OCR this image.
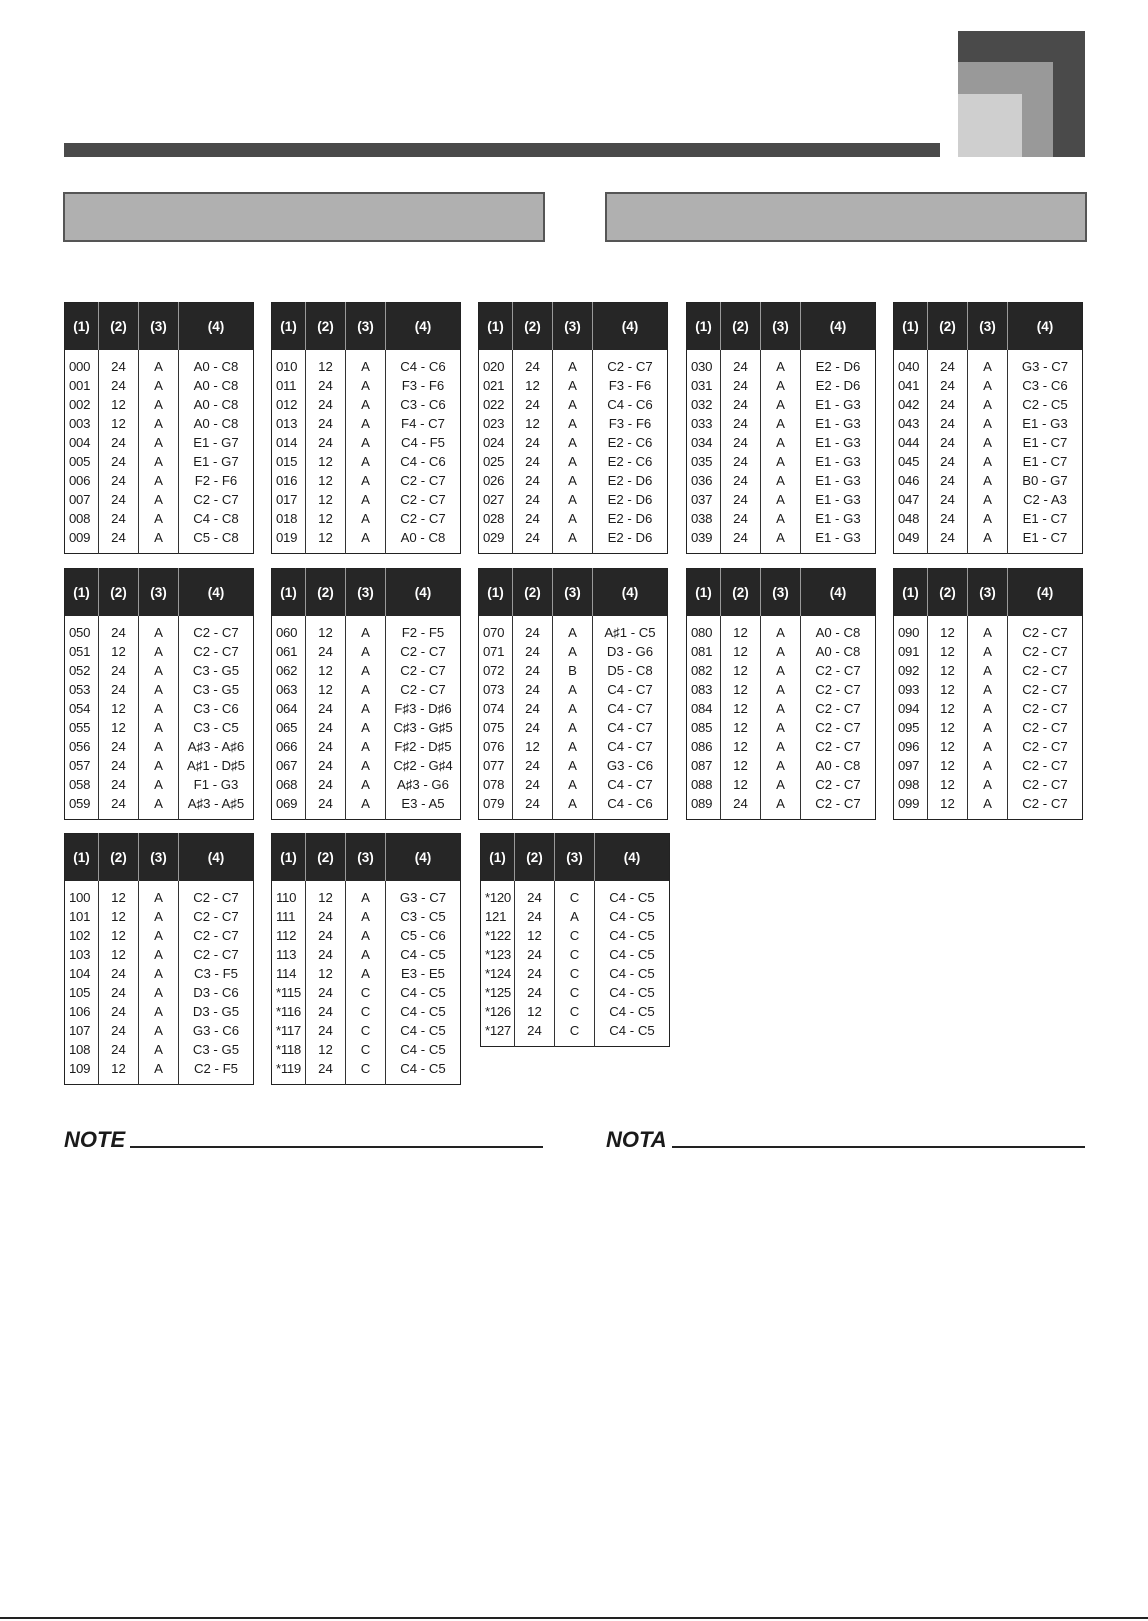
(1)	(2)	(3)	(4)
000	24	A	A0 - C8
001	24	A	A0 - C8
002	12	A	A0 - C8
003	12	A	A0 - C8
004	24	A	E1 - G7
005	24	A	E1 - G7
006	24	A	F2 - F6
007	24	A	C2 - C7
008	24	A	C4 - C8
009	24	A	C5 - C8
(1)	(2)	(3)	(4)
010	12	A	C4 - C6
011	24	A	F3 - F6
012	24	A	C3 - C6
013	24	A	F4 - C7
014	24	A	C4 - F5
015	12	A	C4 - C6
016	12	A	C2 - C7
017	12	A	C2 - C7
018	12	A	C2 - C7
019	12	A	A0 - C8
(1)	(2)	(3)	(4)
020	24	A	C2 - C7
021	12	A	F3 - F6
022	24	A	C4 - C6
023	12	A	F3 - F6
024	24	A	E2 - C6
025	24	A	E2 - C6
026	24	A	E2 - D6
027	24	A	E2 - D6
028	24	A	E2 - D6
029	24	A	E2 - D6
(1)	(2)	(3)	(4)
030	24	A	E2 - D6
031	24	A	E2 - D6
032	24	A	E1 - G3
033	24	A	E1 - G3
034	24	A	E1 - G3
035	24	A	E1 - G3
036	24	A	E1 - G3
037	24	A	E1 - G3
038	24	A	E1 - G3
039	24	A	E1 - G3
(1)	(2)	(3)	(4)
040	24	A	G3 - C7
041	24	A	C3 - C6
042	24	A	C2 - C5
043	24	A	E1 - G3
044	24	A	E1 - C7
045	24	A	E1 - C7
046	24	A	B0 - G7
047	24	A	C2 - A3
048	24	A	E1 - C7
049	24	A	E1 - C7
(1)	(2)	(3)	(4)
050	24	A	C2 - C7
051	12	A	C2 - C7
052	24	A	C3 - G5
053	24	A	C3 - G5
054	12	A	C3 - C6
055	12	A	C3 - C5
056	24	A	A♯3 - A♯6
057	24	A	A♯1 - D♯5
058	24	A	F1 - G3
059	24	A	A♯3 - A♯5
(1)	(2)	(3)	(4)
060	12	A	F2 - F5
061	24	A	C2 - C7
062	12	A	C2 - C7
063	12	A	C2 - C7
064	24	A	F♯3 - D♯6
065	24	A	C♯3 - G♯5
066	24	A	F♯2 - D♯5
067	24	A	C♯2 - G♯4
068	24	A	A♯3 - G6
069	24	A	E3 - A5
(1)	(2)	(3)	(4)
070	24	A	A♯1 - C5
071	24	A	D3 - G6
072	24	B	D5 - C8
073	24	A	C4 - C7
074	24	A	C4 - C7
075	24	A	C4 - C7
076	12	A	C4 - C7
077	24	A	G3 - C6
078	24	A	C4 - C7
079	24	A	C4 - C6
(1)	(2)	(3)	(4)
080	12	A	A0 - C8
081	12	A	A0 - C8
082	12	A	C2 - C7
083	12	A	C2 - C7
084	12	A	C2 - C7
085	12	A	C2 - C7
086	12	A	C2 - C7
087	12	A	A0 - C8
088	12	A	C2 - C7
089	24	A	C2 - C7
(1)	(2)	(3)	(4)
090	12	A	C2 - C7
091	12	A	C2 - C7
092	12	A	C2 - C7
093	12	A	C2 - C7
094	12	A	C2 - C7
095	12	A	C2 - C7
096	12	A	C2 - C7
097	12	A	C2 - C7
098	12	A	C2 - C7
099	12	A	C2 - C7
(1)	(2)	(3)	(4)
100	12	A	C2 - C7
101	12	A	C2 - C7
102	12	A	C2 - C7
103	12	A	C2 - C7
104	24	A	C3 - F5
105	24	A	D3 - C6
106	24	A	D3 - G5
107	24	A	G3 - C6
108	24	A	C3 - G5
109	12	A	C2 - F5
(1)	(2)	(3)	(4)
110	12	A	G3 - C7
111	24	A	C3 - C5
112	24	A	C5 - C6
113	24	A	C4 - C5
114	12	A	E3 - E5
*115	24	C	C4 - C5
*116	24	C	C4 - C5
*117	24	C	C4 - C5
*118	12	C	C4 - C5
*119	24	C	C4 - C5
(1)	(2)	(3)	(4)
*120	24	C	C4 - C5
121	24	A	C4 - C5
*122	12	C	C4 - C5
*123	24	C	C4 - C5
*124	24	C	C4 - C5
*125	24	C	C4 - C5
*126	12	C	C4 - C5
*127	24	C	C4 - C5
NOTE	NOTA
